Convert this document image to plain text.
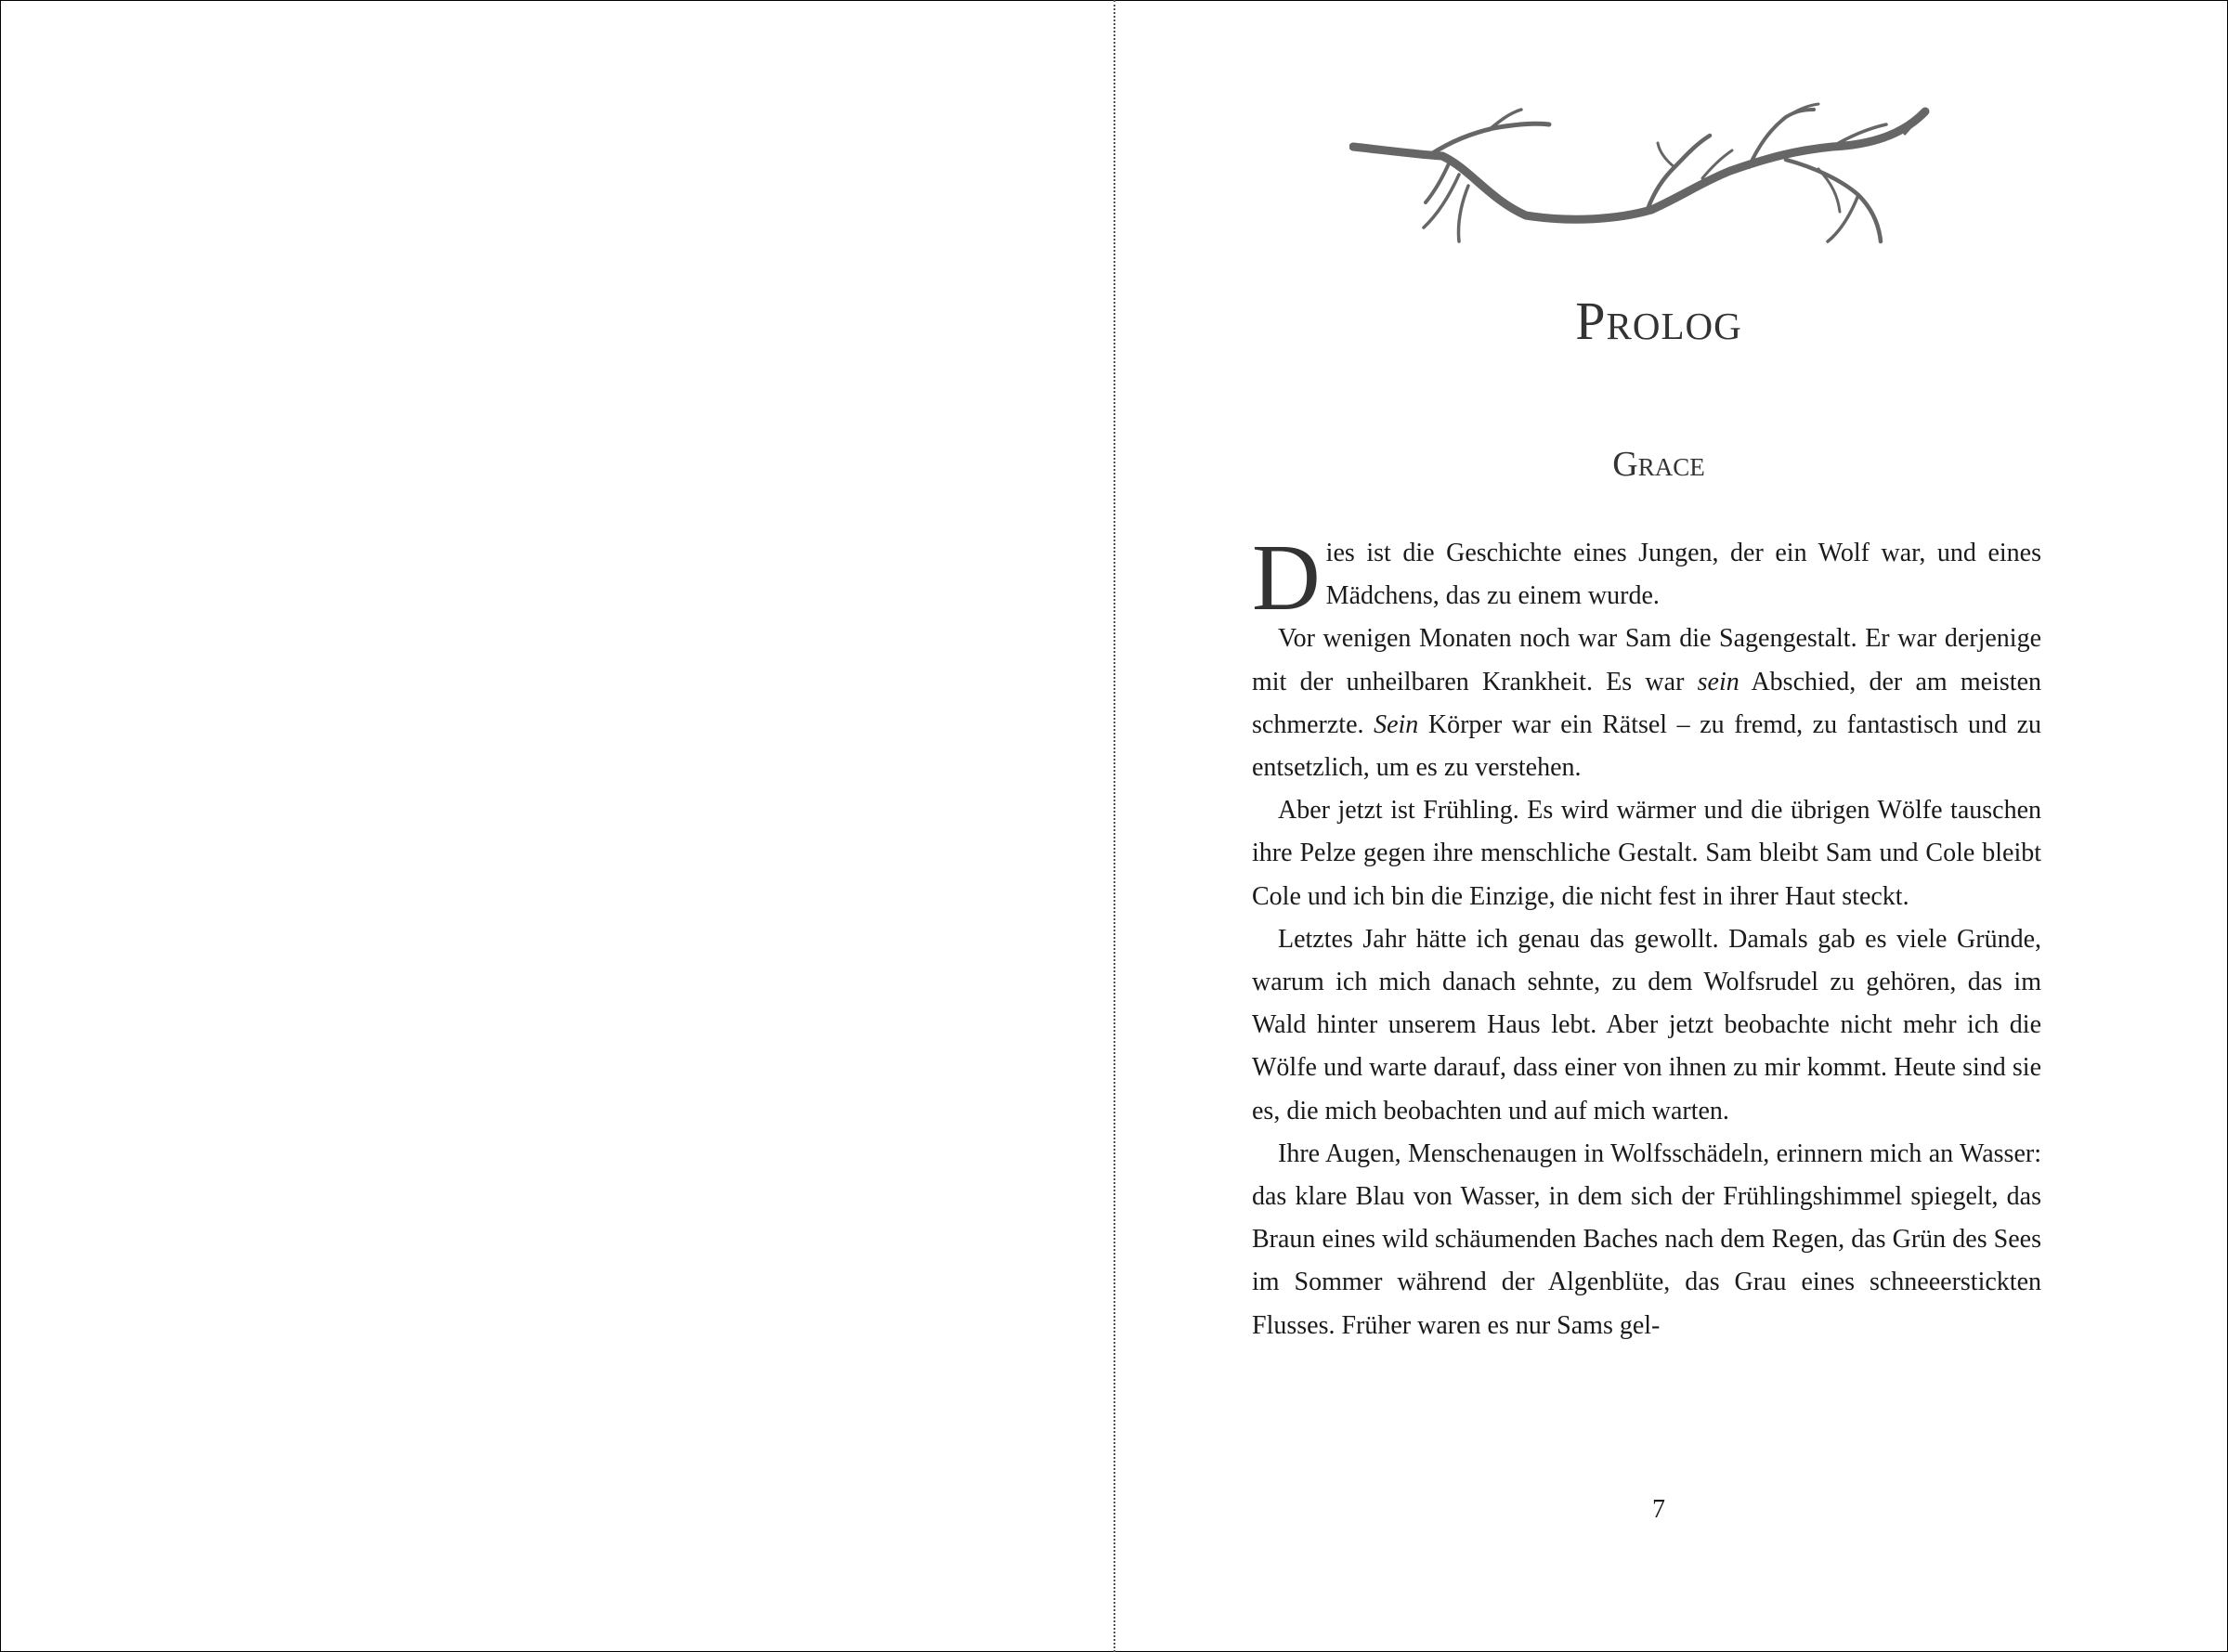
Prolog
Grace

Dies ist die Geschichte eines Jungen, der ein Wolf war, und eines Mädchens, das zu einem wurde.

Vor wenigen Monaten noch war Sam die Sagengestalt. Er war derjenige mit der unheilbaren Krankheit. Es war sein Abschied, der am meisten schmerzte. Sein Körper war ein Rätsel – zu fremd, zu fantastisch und zu entsetzlich, um es zu verstehen.

Aber jetzt ist Frühling. Es wird wärmer und die übrigen Wölfe tauschen ihre Pelze gegen ihre menschliche Gestalt. Sam bleibt Sam und Cole bleibt Cole und ich bin die Einzige, die nicht fest in ihrer Haut steckt.

Letztes Jahr hätte ich genau das gewollt. Damals gab es viele Gründe, warum ich mich danach sehnte, zu dem Wolfsrudel zu gehören, das im Wald hinter unserem Haus lebt. Aber jetzt beobachte nicht mehr ich die Wölfe und warte darauf, dass einer von ihnen zu mir kommt. Heute sind sie es, die mich beobachten und auf mich warten.

Ihre Augen, Menschenaugen in Wolfsschädeln, erinnern mich an Wasser: das klare Blau von Wasser, in dem sich der Frühlingshimmel spiegelt, das Braun eines wild schäumenden Baches nach dem Regen, das Grün des Sees im Sommer während der Algenblüte, das Grau eines schneeerstickten Flusses. Früher waren es nur Sams gel-

7
